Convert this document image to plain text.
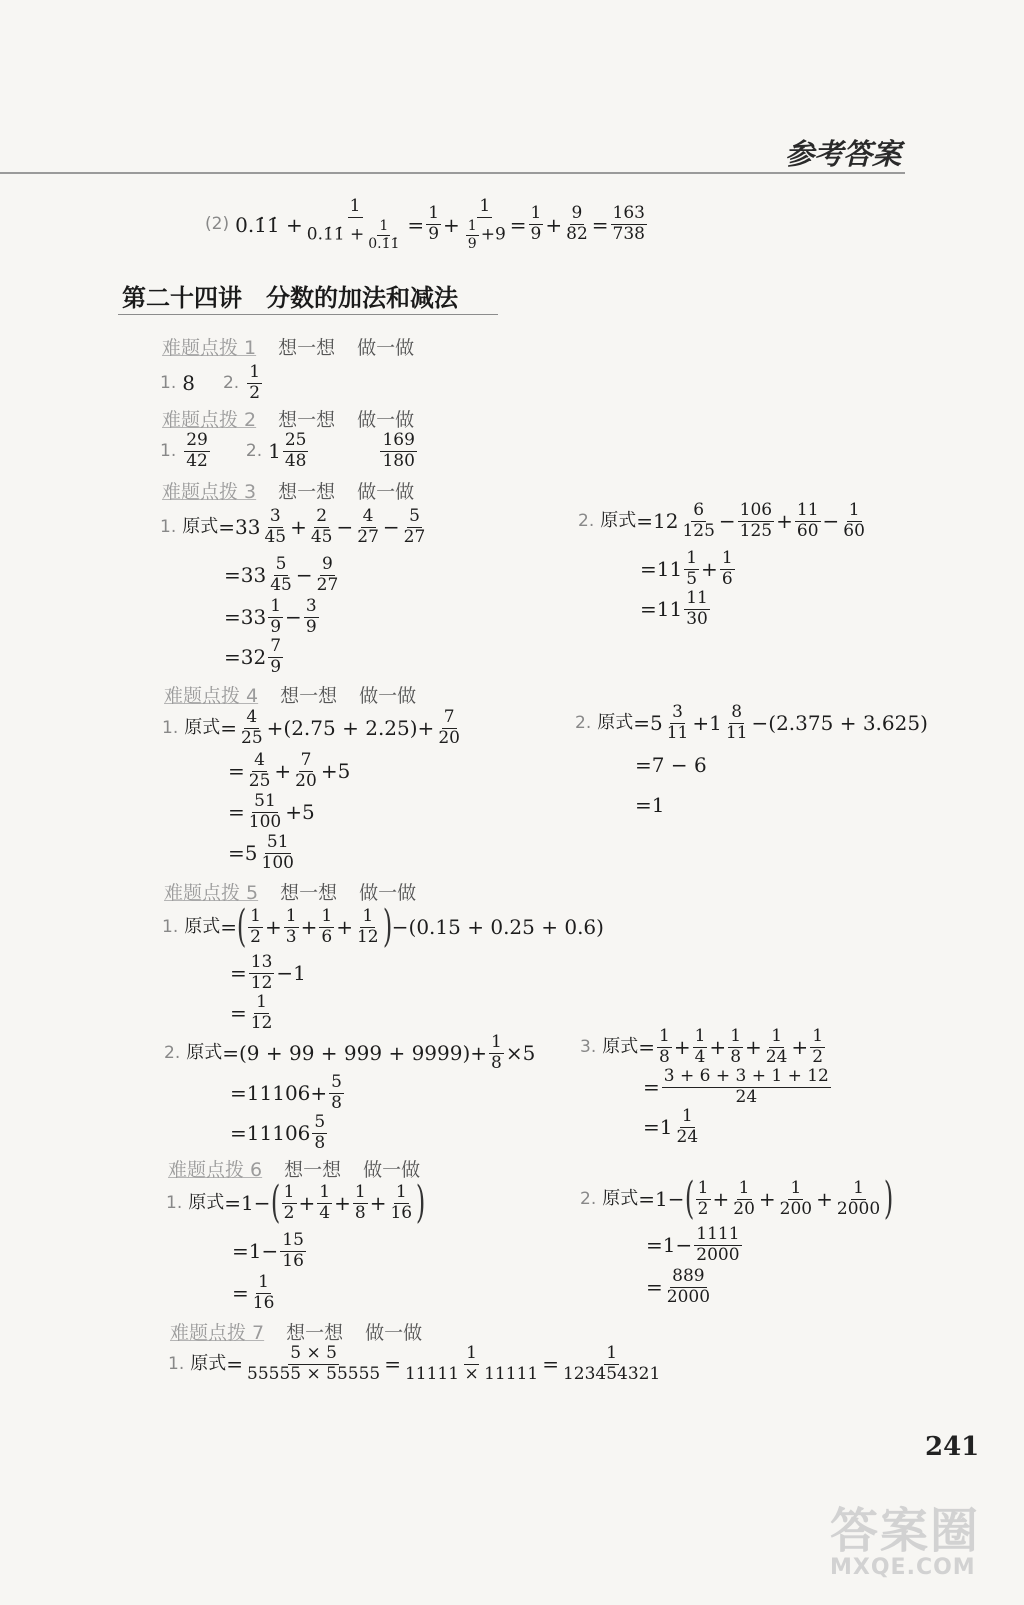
参考答案
(2) 0.1̇1̇ + $\frac{1}{0.1̇1̇ + \frac{1}{0.1̇1̇}} = \frac{1}{9} + \frac{1}{\frac{1}{9} +9} = \frac{1}{9} + \frac{9}{82} = \frac{163}{738}$
第二十四讲　分数的加法和减法
难题点拨 1 想一想 做一做
1. 8 2.
1
2
难题点拨 2 想一想 做一做
1.
29
42 2. 1 25
48
169
180
难题点拨 3 想一想 做一做
1. 原式 = 33 3
$45 + \frac{2}{45} - \frac{4}{27} - \frac{5}{27}$
= 33 5
$45 - \frac{9}{27}$
= 33 1
$9 - \frac{3}{9}$
= 32 7
9
2. 原式 = 12 6
$125 - \frac{106}{125} + \frac{11}{60} - \frac{1}{60}$
= 11 1
$5 + \frac{1}{6}$
= 11 11
30
难题点拨 4 想一想 做一做
1. 原式 = $\frac{4}{25} + (2.75 + 2.25) + \frac{7}{20}$
= $\frac{4}{25} + \frac{7}{20} + 5$
= $\frac{51}{100} + 5$
= 5 51
100
2. 原式 = 5 3
11 + 1 8
11 − (2.375 + 3.625)
= 7 − 6
= 1
难题点拨 5 想一想 做一做
1. 原式 = ( 1
$2 + \frac{1}{3} + \frac{1}{6} + \frac{1}{12}$ ) − (0.15 + 0.25 + 0.6)
= $\frac{13}{12} - 1$
= $\frac{1}{12}$
2. 原式 = $(9 + 99 + 999 + 9999) + \frac{1}{8} \times 5$
= $11106 + \frac{5}{8}$
= 11106 5
8
3. 原式 = $\frac{1}{8} + \frac{1}{4} + \frac{1}{8} + \frac{1}{24} + \frac{1}{2}$
= $\frac{3 + 6 + 3 + 1 + 12}{24}$
= 1 1
24
难题点拨 6 想一想 做一做
1. 原式 = 1 − ( 1
$2 + \frac{1}{4} + \frac{1}{8} + \frac{1}{16}$ )
= $1 - \frac{15}{16}$
= $\frac{1}{16}$
2. 原式 = 1 − ( 1
$2 + \frac{1}{20} + \frac{1}{200} + \frac{1}{2000}$ )
= $1 - \frac{1111}{2000}$
= $\frac{889}{2000}$
难题点拨 7 想一想 做一做
1. 原式 = $\frac{5 \times 5}{55555 \times 55555} = \frac{1}{11111 \times 11111} = \frac{1}{123454321}$
241
答案圈
MXQE.COM
